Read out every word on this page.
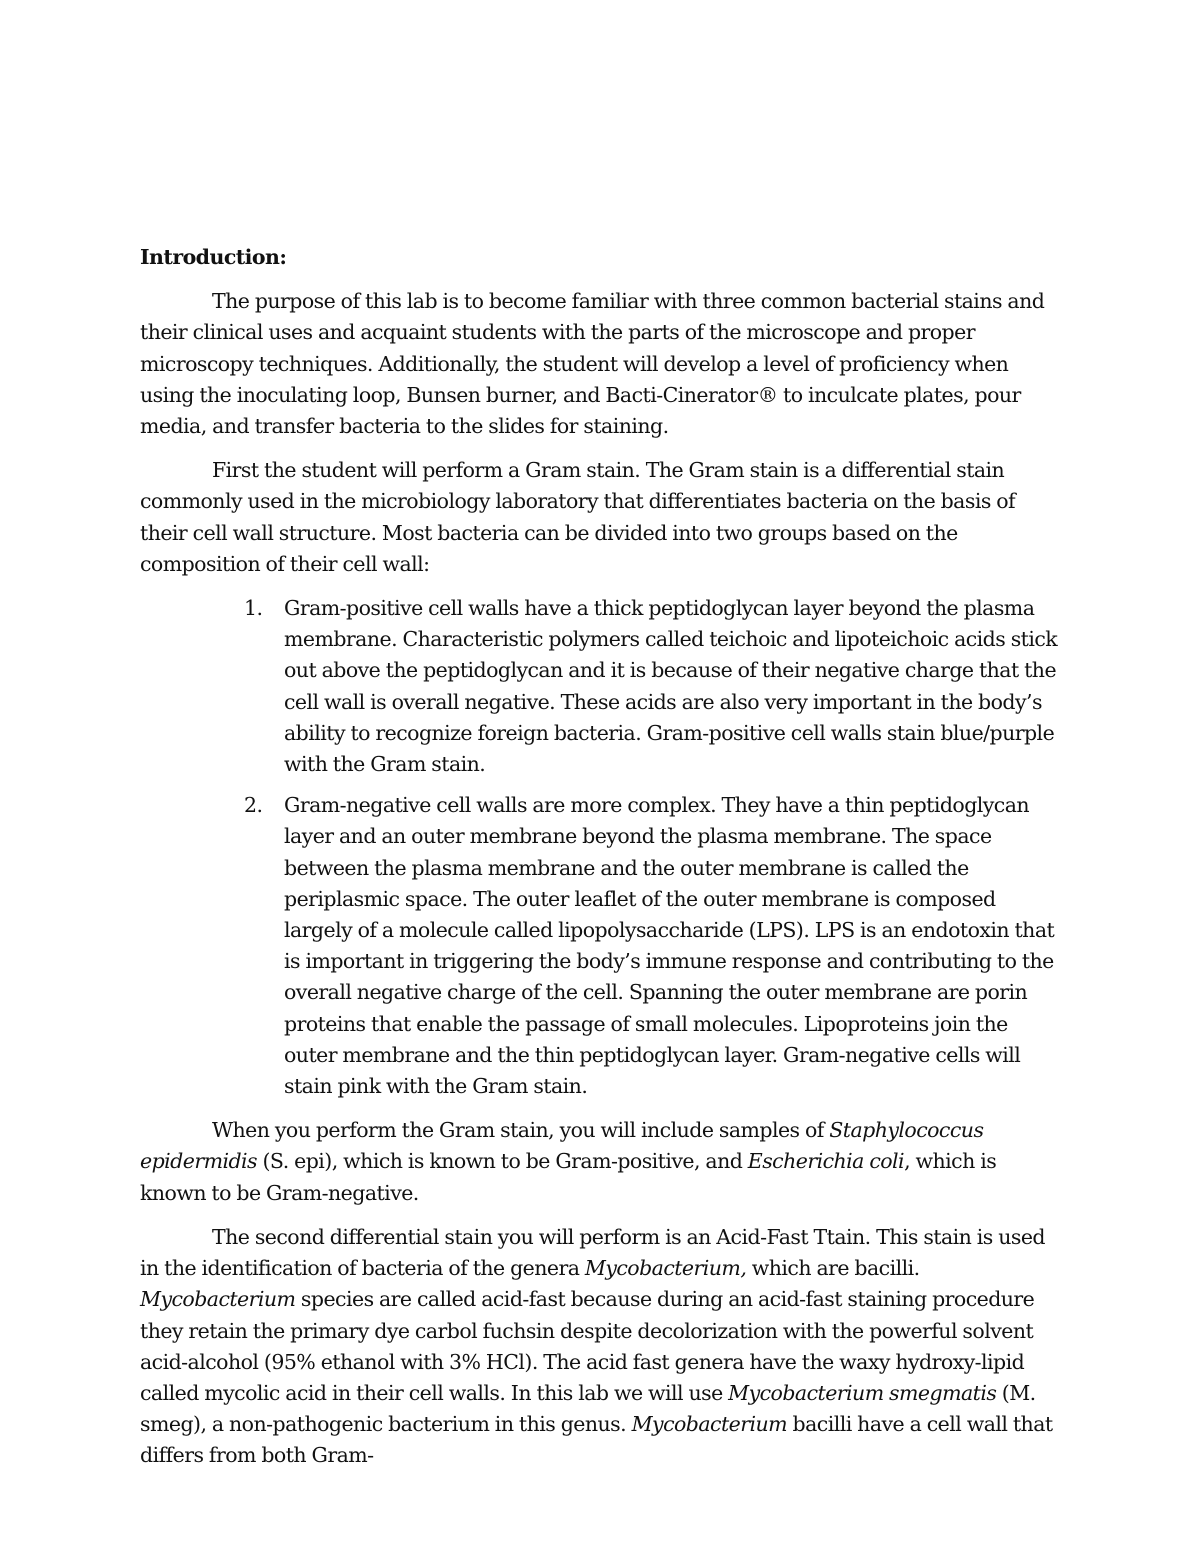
Introduction:

The purpose of this lab is to become familiar with three common bacterial stains and their clinical uses and acquaint students with the parts of the microscope and proper microscopy techniques. Additionally, the student will develop a level of proficiency when using the inoculating loop, Bunsen burner, and Bacti-Cinerator® to inculcate plates, pour media, and transfer bacteria to the slides for staining.

First the student will perform a Gram stain. The Gram stain is a differential stain commonly used in the microbiology laboratory that differentiates bacteria on the basis of their cell wall structure. Most bacteria can be divided into two groups based on the composition of their cell wall:

1. Gram-positive cell walls have a thick peptidoglycan layer beyond the plasma membrane. Characteristic polymers called teichoic and lipoteichoic acids stick out above the peptidoglycan and it is because of their negative charge that the cell wall is overall negative. These acids are also very important in the body’s ability to recognize foreign bacteria. Gram-positive cell walls stain blue/purple with the Gram stain.
2. Gram-negative cell walls are more complex. They have a thin peptidoglycan layer and an outer membrane beyond the plasma membrane. The space between the plasma membrane and the outer membrane is called the periplasmic space. The outer leaflet of the outer membrane is composed largely of a molecule called lipopolysaccharide (LPS). LPS is an endotoxin that is important in triggering the body’s immune response and contributing to the overall negative charge of the cell. Spanning the outer membrane are porin proteins that enable the passage of small molecules. Lipoproteins join the outer membrane and the thin peptidoglycan layer. Gram-negative cells will stain pink with the Gram stain.

When you perform the Gram stain, you will include samples of Staphylococcus epidermidis (S. epi), which is known to be Gram-positive, and Escherichia coli, which is known to be Gram-negative.

The second differential stain you will perform is an Acid-Fast Ttain. This stain is used in the identification of bacteria of the genera Mycobacterium, which are bacilli. Mycobacterium species are called acid-fast because during an acid-fast staining procedure they retain the primary dye carbol fuchsin despite decolorization with the powerful solvent acid-alcohol (95% ethanol with 3% HCl). The acid fast genera have the waxy hydroxy-lipid called mycolic acid in their cell walls. In this lab we will use Mycobacterium smegmatis (M. smeg), a non-pathogenic bacterium in this genus. Mycobacterium bacilli have a cell wall that differs from both Gram-
